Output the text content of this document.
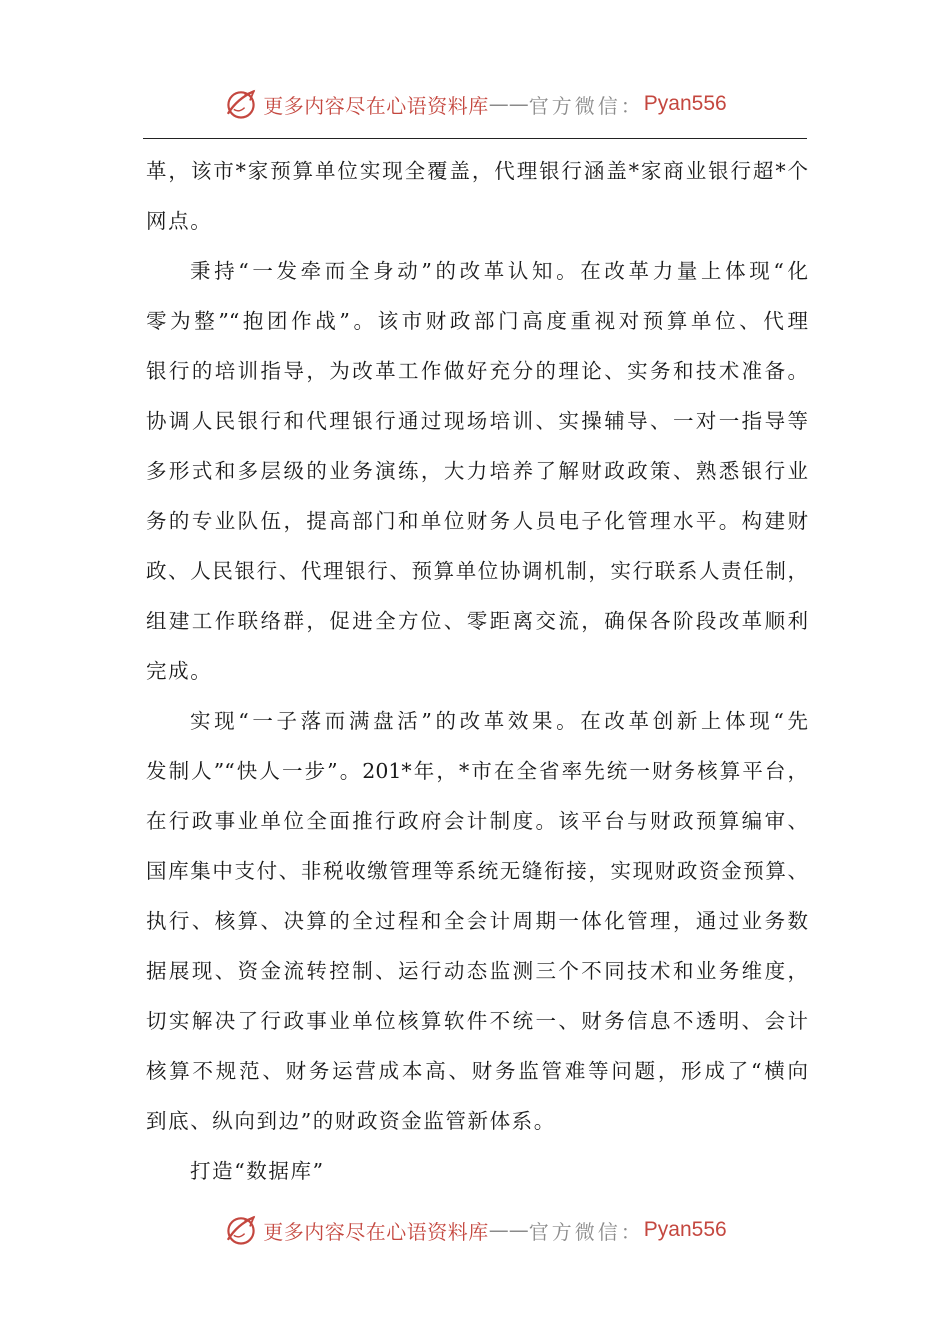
更多内容尽在心语资料库 —— 官方微信： Pyan556
革，该市*家预算单位实现全覆盖，代理银行涵盖*家商业银行超*个
网点。
秉持“一发牵而全身动”的改革认知。在改革力量上体现“化
零为整”“抱团作战”。该市财政部门高度重视对预算单位、代理
银行的培训指导，为改革工作做好充分的理论、实务和技术准备。
协调人民银行和代理银行通过现场培训、实操辅导、一对一指导等
多形式和多层级的业务演练，大力培养了解财政政策、熟悉银行业
务的专业队伍，提高部门和单位财务人员电子化管理水平。构建财
政、人民银行、代理银行、预算单位协调机制，实行联系人责任制，
组建工作联络群，促进全方位、零距离交流，确保各阶段改革顺利
完成。
实现“一子落而满盘活”的改革效果。在改革创新上体现“先
发制人”“快人一步”。201*年，*市在全省率先统一财务核算平台，
在行政事业单位全面推行政府会计制度。该平台与财政预算编审、
国库集中支付、非税收缴管理等系统无缝衔接，实现财政资金预算、
执行、核算、决算的全过程和全会计周期一体化管理，通过业务数
据展现、资金流转控制、运行动态监测三个不同技术和业务维度，
切实解决了行政事业单位核算软件不统一、财务信息不透明、会计
核算不规范、财务运营成本高、财务监管难等问题，形成了“横向
到底、纵向到边”的财政资金监管新体系。
打造“数据库”
更多内容尽在心语资料库 —— 官方微信： Pyan556
